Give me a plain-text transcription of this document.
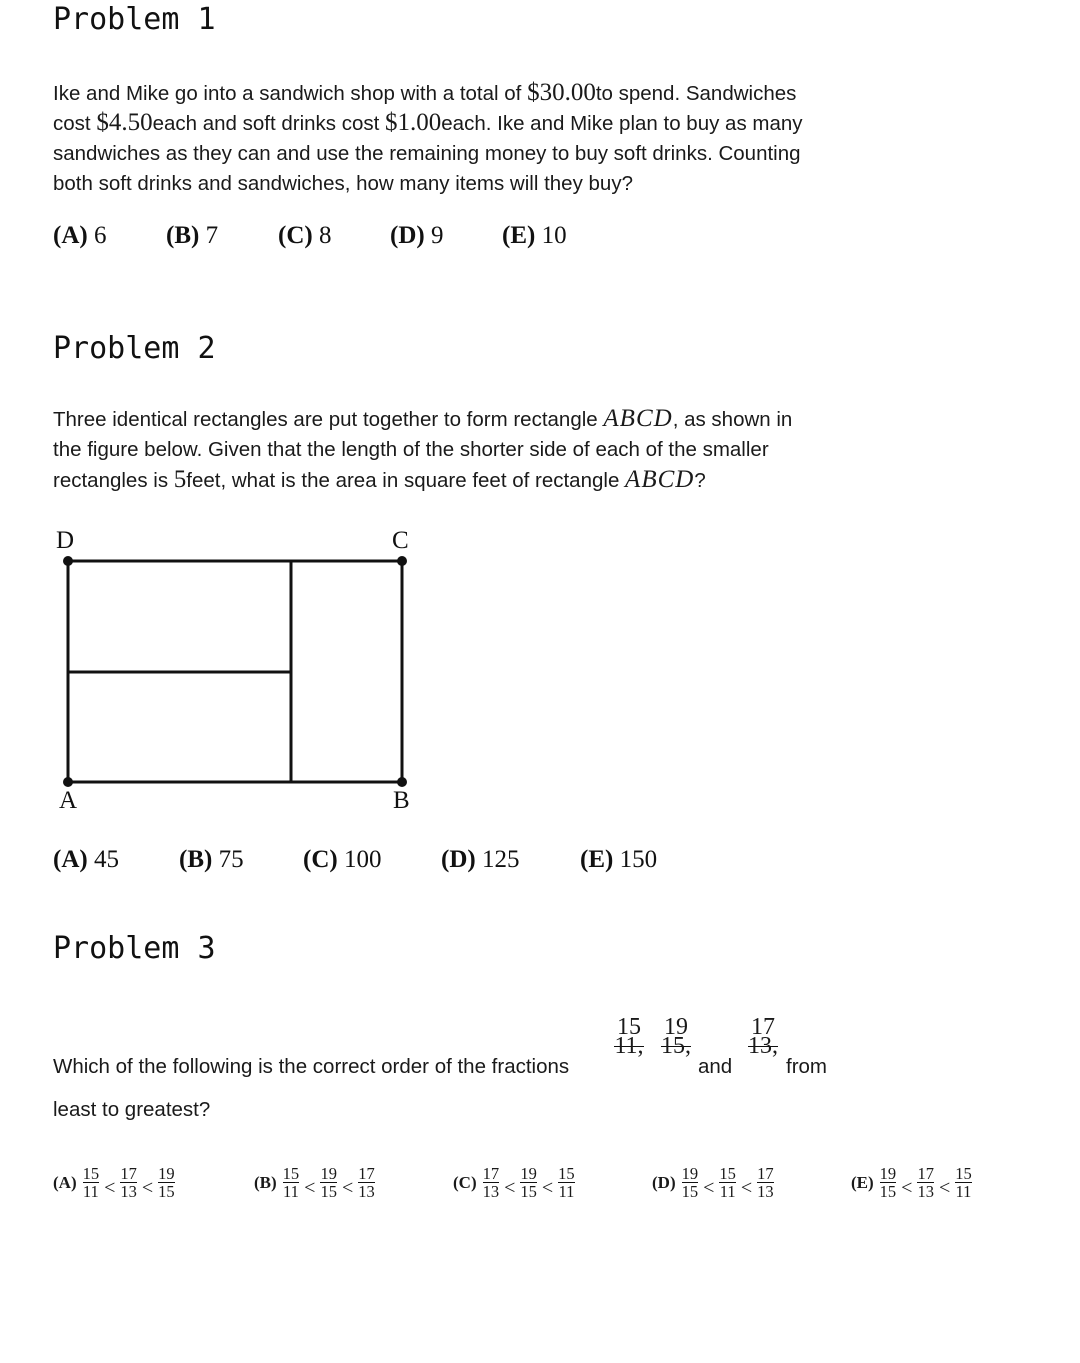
Problem 1
Ike and Mike go into a sandwich shop with a total of $30.00to spend. Sandwiches
cost $4.50each and soft drinks cost $1.00each. Ike and Mike plan to buy as many
sandwiches as they can and use the remaining money to buy soft drinks. Counting
both soft drinks and sandwiches, how many items will they buy?
(A) 6 (B) 7 (C) 8 (D) 9 (E) 10
Problem 2
Three identical rectangles are put together to form rectangle ABCD, as shown in
the figure below. Given that the length of the shorter side of each of the smaller
rectangles is 5feet, what is the area in square feet of rectangle ABCD?
D	C
A	B
(A) 45 (B) 75 (C) 100 (D) 125 (E) 150
Problem 3
Which of the following is the correct order of the fractions
15
11,
19
15,
and
17
13,
from
least to greatest?
$(A) \frac{15}{11} < \frac{17}{13} < \frac{19}{15}$	$(B) \frac{15}{11} < \frac{19}{15} < \frac{17}{13}$	$(C) \frac{17}{13} < \frac{19}{15} < \frac{15}{11}$	$(D) \frac{19}{15} < \frac{15}{11} < \frac{17}{13}$	$(E) \frac{19}{15} < \frac{17}{13} < \frac{15}{11}$
